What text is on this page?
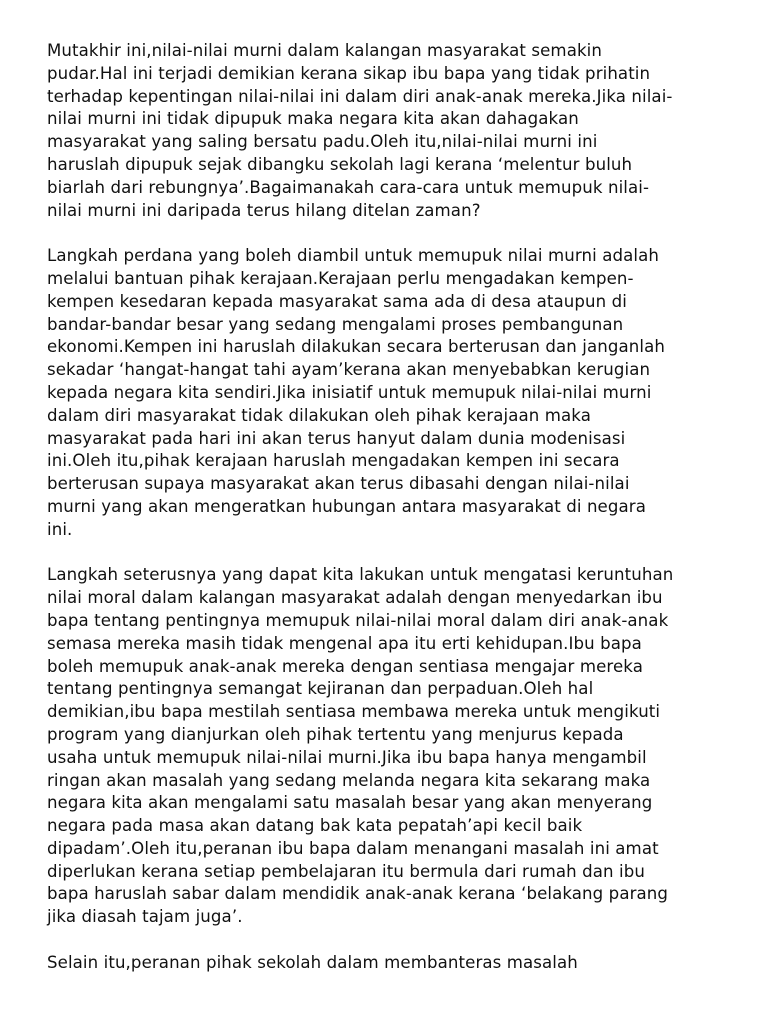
Mutakhir ini,nilai-nilai murni dalam kalangan masyarakat semakin
pudar.Hal ini terjadi demikian kerana sikap ibu bapa yang tidak prihatin
terhadap kepentingan nilai-nilai ini dalam diri anak-anak mereka.Jika nilai-
nilai murni ini tidak dipupuk maka negara kita akan dahagakan
masyarakat yang saling bersatu padu.Oleh itu,nilai-nilai murni ini
haruslah dipupuk sejak dibangku sekolah lagi kerana ‘melentur buluh
biarlah dari rebungnya’.Bagaimanakah cara-cara untuk memupuk nilai-
nilai murni ini daripada terus hilang ditelan zaman?

Langkah perdana yang boleh diambil untuk memupuk nilai murni adalah
melalui bantuan pihak kerajaan.Kerajaan perlu mengadakan kempen-
kempen kesedaran kepada masyarakat sama ada di desa ataupun di
bandar-bandar besar yang sedang mengalami proses pembangunan
ekonomi.Kempen ini haruslah dilakukan secara berterusan dan janganlah
sekadar ‘hangat-hangat tahi ayam’kerana akan menyebabkan kerugian
kepada negara kita sendiri.Jika inisiatif untuk memupuk nilai-nilai murni
dalam diri masyarakat tidak dilakukan oleh pihak kerajaan maka
masyarakat pada hari ini akan terus hanyut dalam dunia modenisasi
ini.Oleh itu,pihak kerajaan haruslah mengadakan kempen ini secara
berterusan supaya masyarakat akan terus dibasahi dengan nilai-nilai
murni yang akan mengeratkan hubungan antara masyarakat di negara
ini.

Langkah seterusnya yang dapat kita lakukan untuk mengatasi keruntuhan
nilai moral dalam kalangan masyarakat adalah dengan menyedarkan ibu
bapa tentang pentingnya memupuk nilai-nilai moral dalam diri anak-anak
semasa mereka masih tidak mengenal apa itu erti kehidupan.Ibu bapa
boleh memupuk anak-anak mereka dengan sentiasa mengajar mereka
tentang pentingnya semangat kejiranan dan perpaduan.Oleh hal
demikian,ibu bapa mestilah sentiasa membawa mereka untuk mengikuti
program yang dianjurkan oleh pihak tertentu yang menjurus kepada
usaha untuk memupuk nilai-nilai murni.Jika ibu bapa hanya mengambil
ringan akan masalah yang sedang melanda negara kita sekarang maka
negara kita akan mengalami satu masalah besar yang akan menyerang
negara pada masa akan datang bak kata pepatah’api kecil baik
dipadam’.Oleh itu,peranan ibu bapa dalam menangani masalah ini amat
diperlukan kerana setiap pembelajaran itu bermula dari rumah dan ibu
bapa haruslah sabar dalam mendidik anak-anak kerana ‘belakang parang
jika diasah tajam juga’.

Selain itu,peranan pihak sekolah dalam membanteras masalah
